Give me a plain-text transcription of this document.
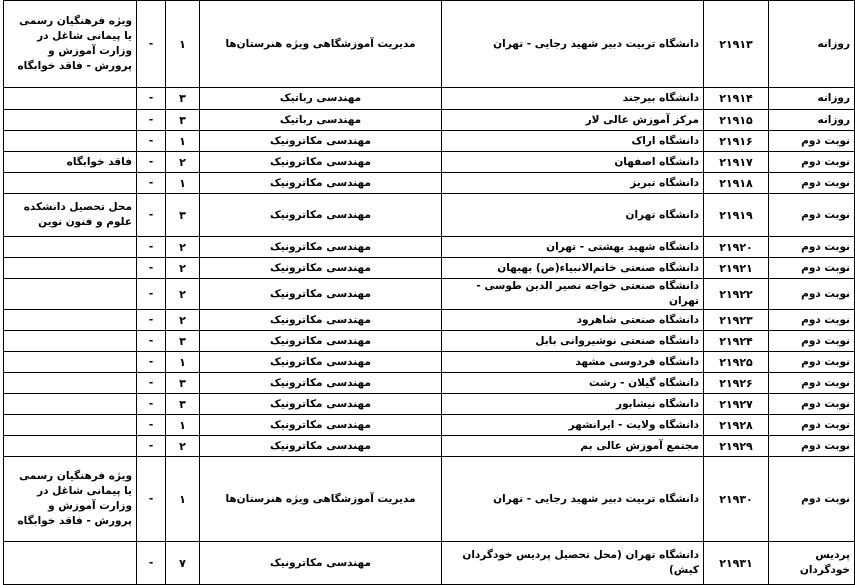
روزانه	۲۱۹۱۳	دانشگاه تربیت دبیر شهید رجایی - تهران	مدیریت آموزشگاهی ویژه هنرستان‌ها	۱	-	ویژه فرهنگیان رسمی یا پیمانی شاغل در وزارت آموزش و پرورش - فاقد خوابگاه
روزانه	۲۱۹۱۴	دانشگاه بیرجند	مهندسی رباتیک	۳	-	
روزانه	۲۱۹۱۵	مرکز آموزش عالی لار	مهندسی رباتیک	۳	-	
نوبت دوم	۲۱۹۱۶	دانشگاه اراک	مهندسی مکاترونیک	۱	-	
نوبت دوم	۲۱۹۱۷	دانشگاه اصفهان	مهندسی مکاترونیک	۲	-	فاقد خوابگاه
نوبت دوم	۲۱۹۱۸	دانشگاه تبریز	مهندسی مکاترونیک	۱	-	
نوبت دوم	۲۱۹۱۹	دانشگاه تهران	مهندسی مکاترونیک	۳	-	محل تحصیل دانشکده علوم و فنون نوین
نوبت دوم	۲۱۹۲۰	دانشگاه شهید بهشتی - تهران	مهندسی مکاترونیک	۲	-	
نوبت دوم	۲۱۹۲۱	دانشگاه صنعتی خاتم‌الانبیاء(ص) بهبهان	مهندسی مکاترونیک	۲	-	
نوبت دوم	۲۱۹۲۲	دانشگاه صنعتی خواجه نصیر الدین طوسی - تهران	مهندسی مکاترونیک	۲	-	
نوبت دوم	۲۱۹۲۳	دانشگاه صنعتی شاهرود	مهندسی مکاترونیک	۲	-	
نوبت دوم	۲۱۹۲۴	دانشگاه صنعتی نوشیروانی بابل	مهندسی مکاترونیک	۳	-	
نوبت دوم	۲۱۹۲۵	دانشگاه فردوسی مشهد	مهندسی مکاترونیک	۱	-	
نوبت دوم	۲۱۹۲۶	دانشگاه گیلان - رشت	مهندسی مکاترونیک	۳	-	
نوبت دوم	۲۱۹۲۷	دانشگاه نیشابور	مهندسی مکاترونیک	۳	-	
نوبت دوم	۲۱۹۲۸	دانشگاه ولایت - ایرانشهر	مهندسی مکاترونیک	۱	-	
نوبت دوم	۲۱۹۲۹	مجتمع آموزش عالی بم	مهندسی مکاترونیک	۲	-	
نوبت دوم	۲۱۹۳۰	دانشگاه تربیت دبیر شهید رجایی - تهران	مدیریت آموزشگاهی ویژه هنرستان‌ها	۱	-	ویژه فرهنگیان رسمی یا پیمانی شاغل در وزارت آموزش و پرورش - فاقد خوابگاه
پردیس خودگردان	۲۱۹۳۱	دانشگاه تهران (محل تحصیل پردیس خودگردان کیش)	مهندسی مکاترونیک	۷	-	
